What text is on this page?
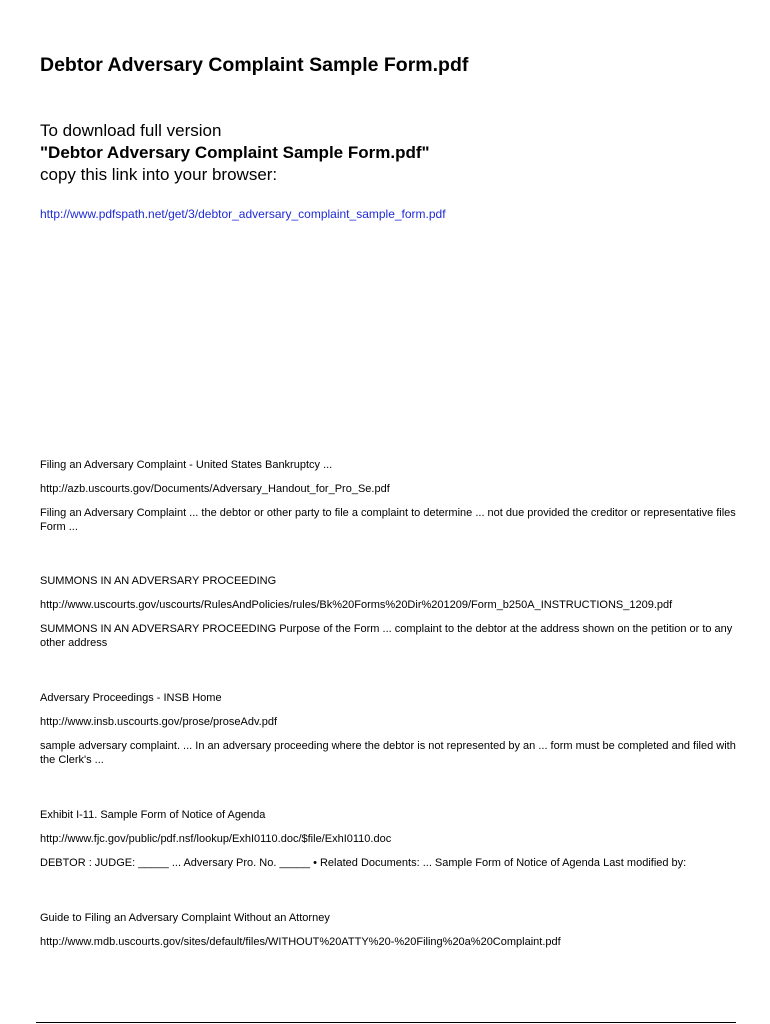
Debtor Adversary Complaint Sample Form.pdf
To download full version
"Debtor Adversary Complaint Sample Form.pdf"
copy this link into your browser:
http://www.pdfspath.net/get/3/debtor_adversary_complaint_sample_form.pdf
Filing an Adversary Complaint - United States Bankruptcy ...
http://azb.uscourts.gov/Documents/Adversary_Handout_for_Pro_Se.pdf
Filing an Adversary Complaint ... the debtor or other party to file a complaint to determine ... not due provided the creditor or representative files Form ...
SUMMONS IN AN ADVERSARY PROCEEDING
http://www.uscourts.gov/uscourts/RulesAndPolicies/rules/Bk%20Forms%20Dir%201209/Form_b250A_INSTRUCTIONS_1209.pdf
SUMMONS IN AN ADVERSARY PROCEEDING Purpose of the Form ... complaint to the debtor at the address shown on the petition or to any other address
Adversary Proceedings - INSB Home
http://www.insb.uscourts.gov/prose/proseAdv.pdf
sample adversary complaint. ... In an adversary proceeding where the debtor is not represented by an ... form must be completed and filed with the Clerk's ...
Exhibit I-11. Sample Form of Notice of Agenda
http://www.fjc.gov/public/pdf.nsf/lookup/ExhI0110.doc/$file/ExhI0110.doc
DEBTOR : JUDGE: _____ ... Adversary Pro. No. _____ • Related Documents: ... Sample Form of Notice of Agenda Last modified by:
Guide to Filing an Adversary Complaint Without an Attorney
http://www.mdb.uscourts.gov/sites/default/files/WITHOUT%20ATTY%20-%20Filing%20a%20Complaint.pdf
